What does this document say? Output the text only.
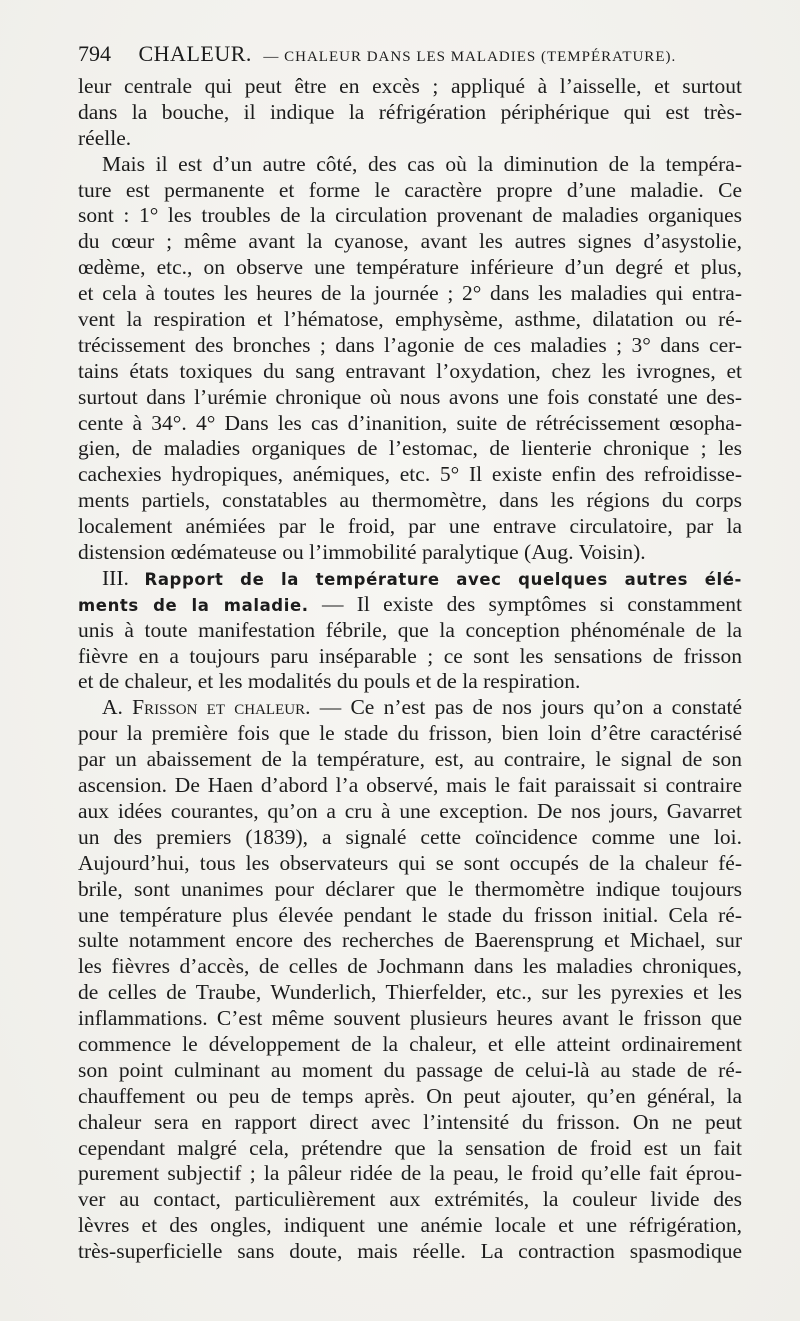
794 CHALEUR. — CHALEUR DANS LES MALADIES (TEMPÉRATURE).
leur centrale qui peut être en excès ; appliqué à l’aisselle, et surtout
dans la bouche, il indique la réfrigération périphérique qui est très-
réelle.
Mais il est d’un autre côté, des cas où la diminution de la tempéra-
ture est permanente et forme le caractère propre d’une maladie. Ce
sont : 1° les troubles de la circulation provenant de maladies organiques
du cœur ; même avant la cyanose, avant les autres signes d’asystolie,
œdème, etc., on observe une température inférieure d’un degré et plus,
et cela à toutes les heures de la journée ; 2° dans les maladies qui entra-
vent la respiration et l’hématose, emphysème, asthme, dilatation ou ré-
trécissement des bronches ; dans l’agonie de ces maladies ; 3° dans cer-
tains états toxiques du sang entravant l’oxydation, chez les ivrognes, et
surtout dans l’urémie chronique où nous avons une fois constaté une des-
cente à 34°. 4° Dans les cas d’inanition, suite de rétrécissement œsopha-
gien, de maladies organiques de l’estomac, de lienterie chronique ; les
cachexies hydropiques, anémiques, etc. 5° Il existe enfin des refroidisse-
ments partiels, constatables au thermomètre, dans les régions du corps
localement anémiées par le froid, par une entrave circulatoire, par la
distension œdémateuse ou l’immobilité paralytique (Aug. Voisin).
III. Rapport de la température avec quelques autres élé-
ments de la maladie. — Il existe des symptômes si constamment
unis à toute manifestation fébrile, que la conception phénoménale de la
fièvre en a toujours paru inséparable ; ce sont les sensations de frisson
et de chaleur, et les modalités du pouls et de la respiration.
A. Frisson et chaleur. — Ce n’est pas de nos jours qu’on a constaté
pour la première fois que le stade du frisson, bien loin d’être caractérisé
par un abaissement de la température, est, au contraire, le signal de son
ascension. De Haen d’abord l’a observé, mais le fait paraissait si contraire
aux idées courantes, qu’on a cru à une exception. De nos jours, Gavarret
un des premiers (1839), a signalé cette coïncidence comme une loi.
Aujourd’hui, tous les observateurs qui se sont occupés de la chaleur fé-
brile, sont unanimes pour déclarer que le thermomètre indique toujours
une température plus élevée pendant le stade du frisson initial. Cela ré-
sulte notamment encore des recherches de Baerensprung et Michael, sur
les fièvres d’accès, de celles de Jochmann dans les maladies chroniques,
de celles de Traube, Wunderlich, Thierfelder, etc., sur les pyrexies et les
inflammations. C’est même souvent plusieurs heures avant le frisson que
commence le développement de la chaleur, et elle atteint ordinairement
son point culminant au moment du passage de celui-là au stade de ré-
chauffement ou peu de temps après. On peut ajouter, qu’en général, la
chaleur sera en rapport direct avec l’intensité du frisson. On ne peut
cependant malgré cela, prétendre que la sensation de froid est un fait
purement subjectif ; la pâleur ridée de la peau, le froid qu’elle fait éprou-
ver au contact, particulièrement aux extrémités, la couleur livide des
lèvres et des ongles, indiquent une anémie locale et une réfrigération,
très-superficielle sans doute, mais réelle. La contraction spasmodique
